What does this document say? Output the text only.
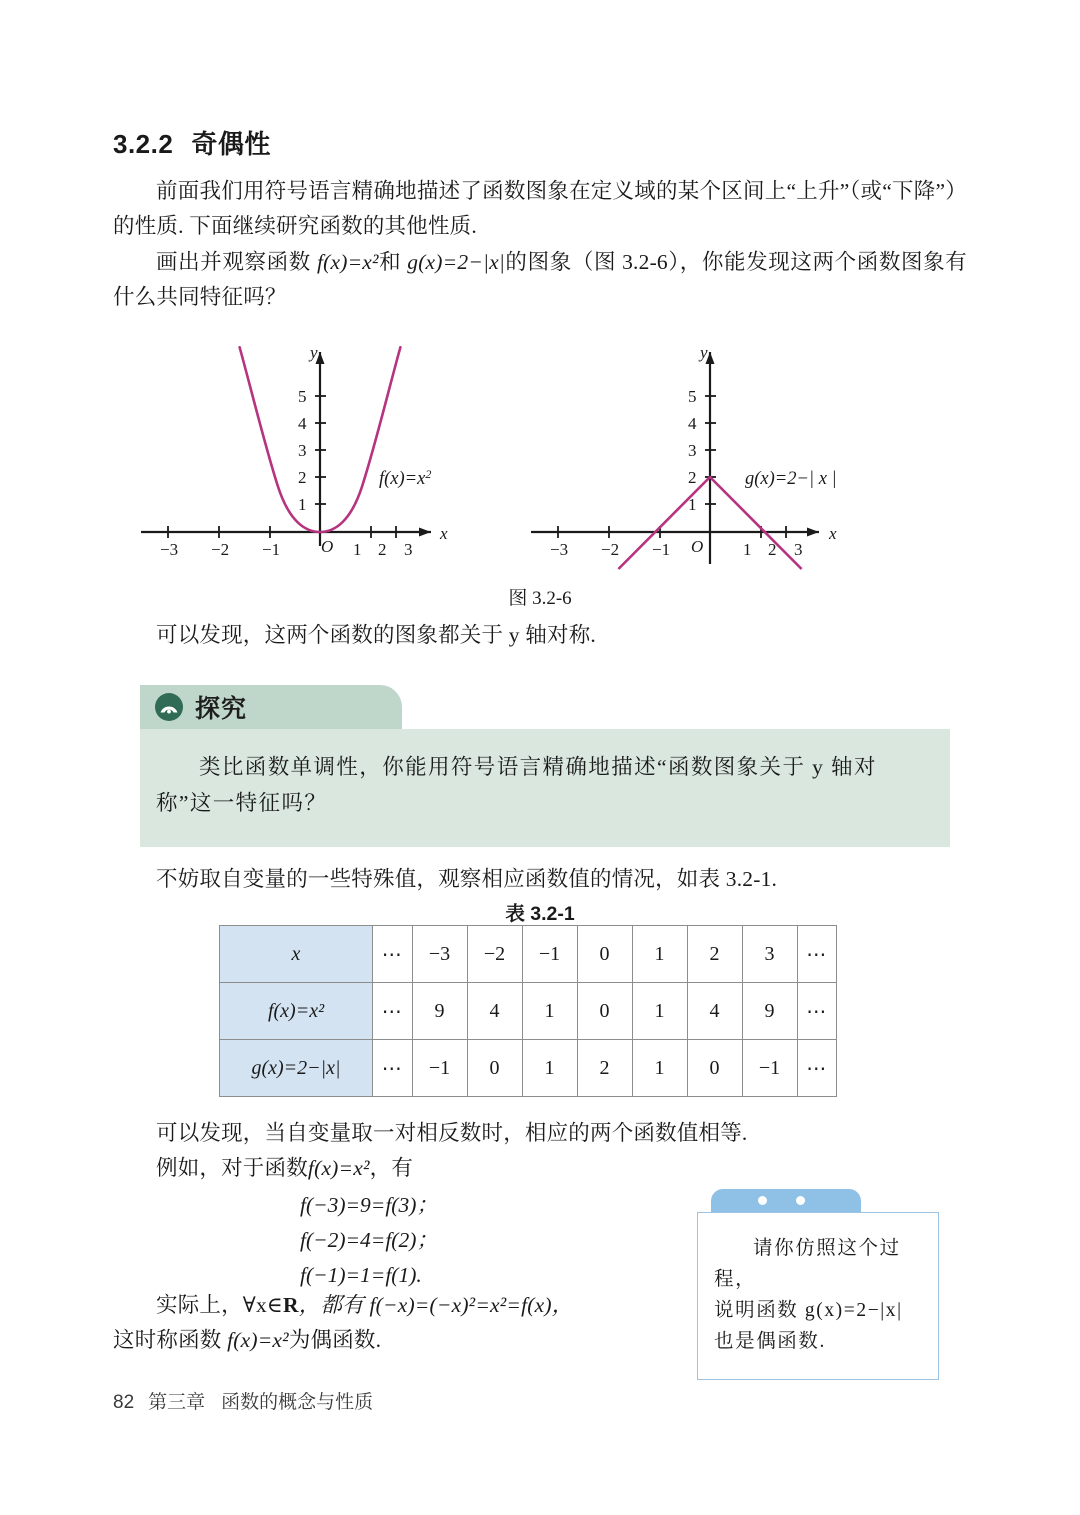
3.2.2 奇偶性
前面我们用符号语言精确地描述了函数图象在定义域的某个区间上“上升”（或“下降”）的性质. 下面继续研究函数的其他性质.
画出并观察函数 f(x)=x²和 g(x)=2−|x|的图象（图 3.2-6），你能发现这两个函数图象有什么共同特征吗？
y
x
O
−3 −2 −1	1 2 3
5
4
3
2
1
$f(x)=x^2$
y
x
O
−3 −2 −1	1 2 3
5
4
3
2
1
g(x)=2−| x |
图 3.2-6
可以发现，这两个函数的图象都关于 y 轴对称.
探究

类比函数单调性，你能用符号语言精确地描述“函数图象关于 y 轴对称”这一特征吗？

不妨取自变量的一些特殊值，观察相应函数值的情况，如表 3.2-1.
表 3.2-1
x	⋯	−3	−2	−1	0	1	2	3	⋯
f(x)=x²	⋯	9	4	1	0	1	4	9	⋯
g(x)=2−|x|	⋯	−1	0	1	2	1	0	−1	⋯
可以发现，当自变量取一对相反数时，相应的两个函数值相等.
例如，对于函数f(x)=x²，有
f(−3)=9=f(3)；
f(−2)=4=f(2)；
f(−1)=1=f(1).
实际上，∀x∈R，都有 f(−x)=(−x)²=x²=f(x)，
这时称函数 f(x)=x²为偶函数.

请你仿照这个过程，

说明函数 g(x)=2−|x|

也是偶函数.

82 第三章 函数的概念与性质
